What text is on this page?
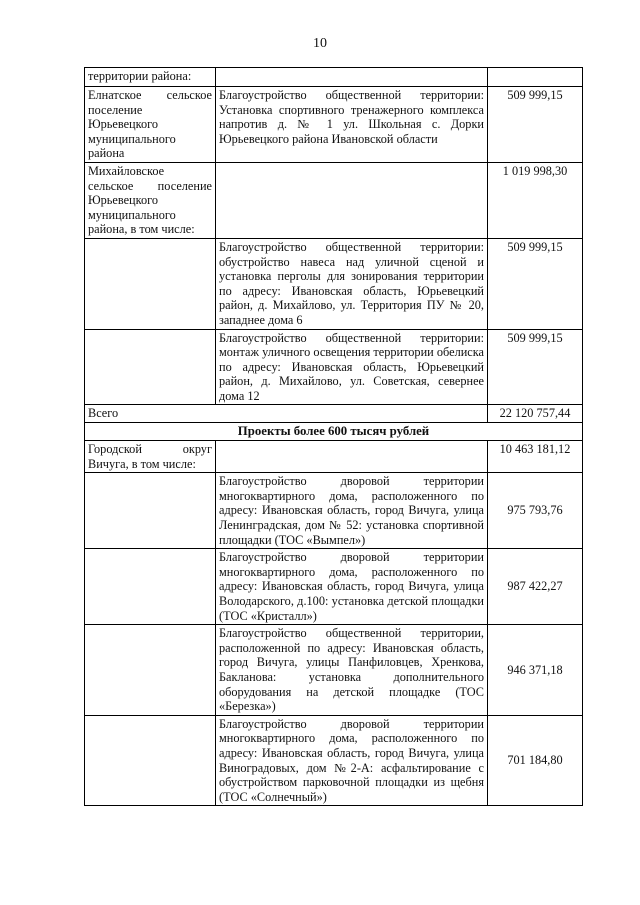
10
территории района:		
Елнатское сельское поселение Юрьевецкого муниципального района	Благоустройство общественной территории: Установка спортивного тренажерного комплекса напротив д. № 1 ул. Школьная с. Дорки Юрьевецкого района Ивановской области	509 999,15
Михайловское сельское поселение Юрьевецкого муниципального района, в том числе:		1 019 998,30
	Благоустройство общественной территории: обустройство навеса над уличной сценой и установка перголы для зонирования территории по адресу: Ивановская область, Юрьевецкий район, д. Михайлово, ул. Территория ПУ № 20, западнее дома 6	509 999,15
	Благоустройство общественной территории: монтаж уличного освещения территории обелиска по адресу: Ивановская область, Юрьевецкий район, д. Михайлово, ул. Советская, севернее дома 12	509 999,15
Всего		22 120 757,44
Проекты более 600 тысяч рублей		
Городской округ Вичуга, в том числе:		10 463 181,12
	Благоустройство дворовой территории многоквартирного дома, расположенного по адресу: Ивановская область, город Вичуга, улица Ленинградская, дом № 52: установка спортивной площадки (ТОС «Вымпел»)	975 793,76
	Благоустройство дворовой территории многоквартирного дома, расположенного по адресу: Ивановская область, город Вичуга, улица Володарского, д.100: установка детской площадки (ТОС «Кристалл»)	987 422,27
	Благоустройство общественной территории, расположенной по адресу: Ивановская область, город Вичуга, улицы Панфиловцев, Хренкова, Бакланова: установка дополнительного оборудования на детской площадке (ТОС «Березка»)	946 371,18
	Благоустройство дворовой территории многоквартирного дома, расположенного по адресу: Ивановская область, город Вичуга, улица Виноградовых, дом №2-А: асфальтирование с обустройством парковочной площадки из щебня (ТОС «Солнечный»)	701 184,80
